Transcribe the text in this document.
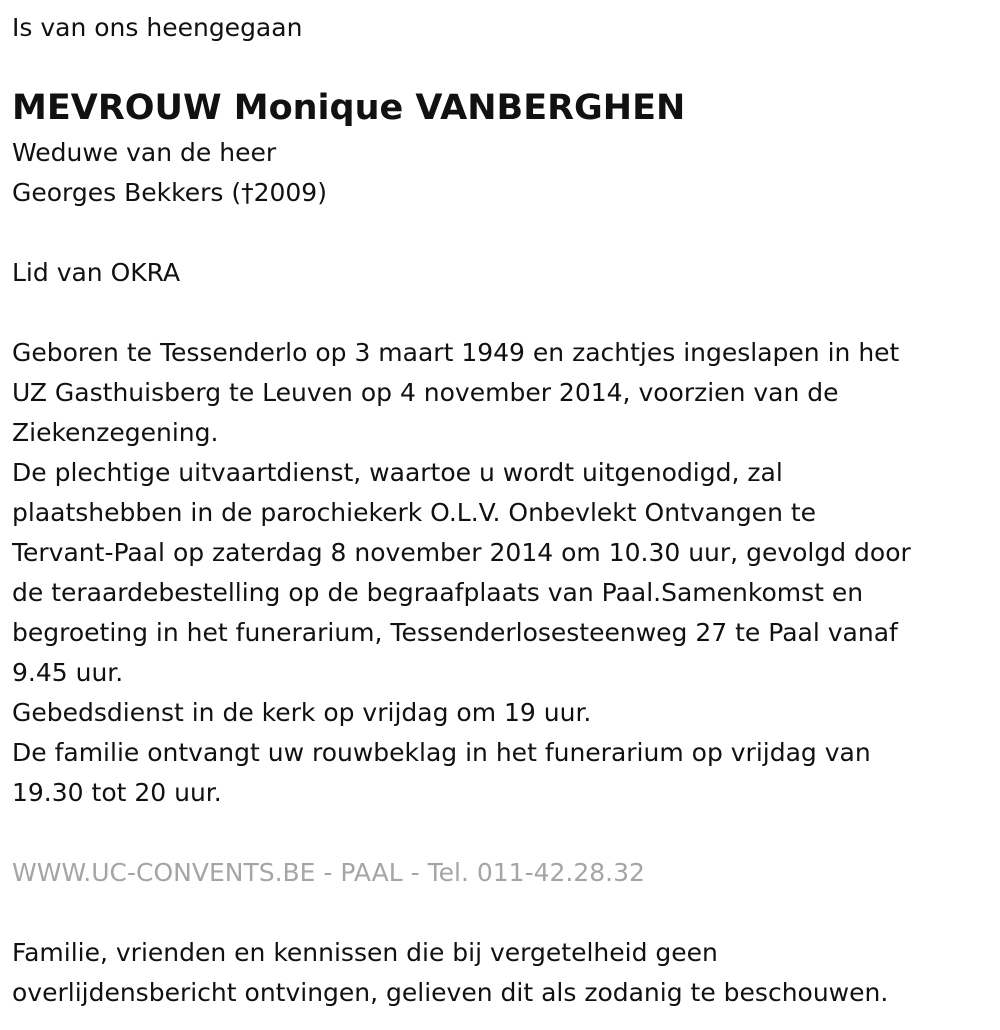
Is van ons heengegaan

MEVROUW Monique VANBERGHEN

Weduwe van de heer

Georges Bekkers (†2009)

Lid van OKRA

Geboren te Tessenderlo op 3 maart 1949 en zachtjes ingeslapen in het

UZ Gasthuisberg te Leuven op 4 november 2014, voorzien van de

Ziekenzegening.

De plechtige uitvaartdienst, waartoe u wordt uitgenodigd, zal

plaatshebben in de parochiekerk O.L.V. Onbevlekt Ontvangen te

Tervant-Paal op zaterdag 8 november 2014 om 10.30 uur, gevolgd door

de teraardebestelling op de begraafplaats van Paal.Samenkomst en

begroeting in het funerarium, Tessenderlosesteenweg 27 te Paal vanaf

9.45 uur.

Gebedsdienst in de kerk op vrijdag om 19 uur.

De familie ontvangt uw rouwbeklag in het funerarium op vrijdag van

19.30 tot 20 uur.

WWW.UC-CONVENTS.BE - PAAL - Tel. 011-42.28.32

Familie, vrienden en kennissen die bij vergetelheid geen

overlijdensbericht ontvingen, gelieven dit als zodanig te beschouwen.
